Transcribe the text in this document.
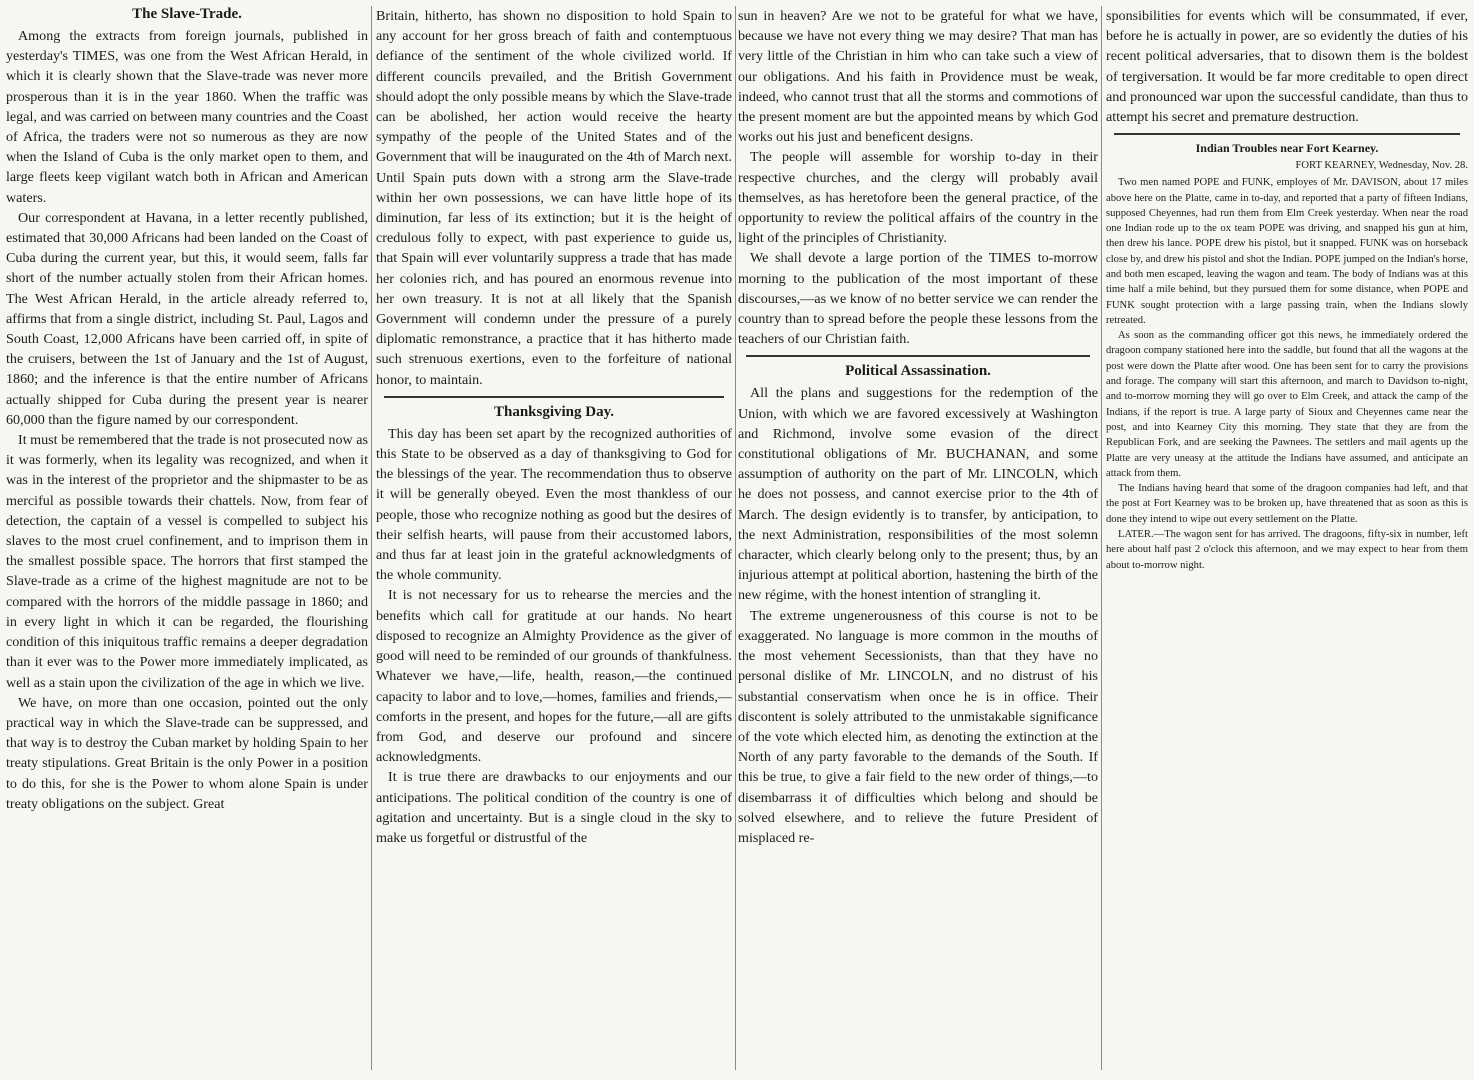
The Slave-Trade.

Among the extracts from foreign journals, published in yesterday's TIMES, was one from the West African Herald, in which it is clearly shown that the Slave-trade was never more prosperous than it is in the year 1860. When the traffic was legal, and was carried on between many countries and the Coast of Africa, the traders were not so numerous as they are now when the Island of Cuba is the only market open to them, and large fleets keep vigilant watch both in African and American waters.

Our correspondent at Havana, in a letter recently published, estimated that 30,000 Africans had been landed on the Coast of Cuba during the current year, but this, it would seem, falls far short of the number actually stolen from their African homes. The West African Herald, in the article already referred to, affirms that from a single district, including St. Paul, Lagos and South Coast, 12,000 Africans have been carried off, in spite of the cruisers, between the 1st of January and the 1st of August, 1860; and the inference is that the entire number of Africans actually shipped for Cuba during the present year is nearer 60,000 than the figure named by our correspondent.

It must be remembered that the trade is not prosecuted now as it was formerly, when its legality was recognized, and when it was in the interest of the proprietor and the shipmaster to be as merciful as possible towards their chattels. Now, from fear of detection, the captain of a vessel is compelled to subject his slaves to the most cruel confinement, and to imprison them in the smallest possible space. The horrors that first stamped the Slave-trade as a crime of the highest magnitude are not to be compared with the horrors of the middle passage in 1860; and in every light in which it can be regarded, the flourishing condition of this iniquitous traffic remains a deeper degradation than it ever was to the Power more immediately implicated, as well as a stain upon the civilization of the age in which we live.

We have, on more than one occasion, pointed out the only practical way in which the Slave-trade can be suppressed, and that way is to destroy the Cuban market by holding Spain to her treaty stipulations. Great Britain is the only Power in a position to do this, for she is the Power to whom alone Spain is under treaty obligations on the subject. Great

Britain, hitherto, has shown no disposition to hold Spain to any account for her gross breach of faith and contemptuous defiance of the sentiment of the whole civilized world. If different councils prevailed, and the British Government should adopt the only possible means by which the Slave-trade can be abolished, her action would receive the hearty sympathy of the people of the United States and of the Government that will be inaugurated on the 4th of March next. Until Spain puts down with a strong arm the Slave-trade within her own possessions, we can have little hope of its diminution, far less of its extinction; but it is the height of credulous folly to expect, with past experience to guide us, that Spain will ever voluntarily suppress a trade that has made her colonies rich, and has poured an enormous revenue into her own treasury. It is not at all likely that the Spanish Government will condemn under the pressure of a purely diplomatic remonstrance, a practice that it has hitherto made such strenuous exertions, even to the forfeiture of national honor, to maintain.

Thanksgiving Day.

This day has been set apart by the recognized authorities of this State to be observed as a day of thanksgiving to God for the blessings of the year. The recommendation thus to observe it will be generally obeyed. Even the most thankless of our people, those who recognize nothing as good but the desires of their selfish hearts, will pause from their accustomed labors, and thus far at least join in the grateful acknowledgments of the whole community.

It is not necessary for us to rehearse the mercies and the benefits which call for gratitude at our hands. No heart disposed to recognize an Almighty Providence as the giver of good will need to be reminded of our grounds of thankfulness. Whatever we have,—life, health, reason,—the continued capacity to labor and to love,—homes, families and friends,—comforts in the present, and hopes for the future,—all are gifts from God, and deserve our profound and sincere acknowledgments.

It is true there are drawbacks to our enjoyments and our anticipations. The political condition of the country is one of agitation and uncertainty. But is a single cloud in the sky to make us forgetful or distrustful of the

sun in heaven? Are we not to be grateful for what we have, because we have not every thing we may desire? That man has very little of the Christian in him who can take such a view of our obligations. And his faith in Providence must be weak, indeed, who cannot trust that all the storms and commotions of the present moment are but the appointed means by which God works out his just and beneficent designs.

The people will assemble for worship to-day in their respective churches, and the clergy will probably avail themselves, as has heretofore been the general practice, of the opportunity to review the political affairs of the country in the light of the principles of Christianity.

We shall devote a large portion of the TIMES to-morrow morning to the publication of the most important of these discourses,—as we know of no better service we can render the country than to spread before the people these lessons from the teachers of our Christian faith.

Political Assassination.

All the plans and suggestions for the redemption of the Union, with which we are favored excessively at Washington and Richmond, involve some evasion of the direct constitutional obligations of Mr. BUCHANAN, and some assumption of authority on the part of Mr. LINCOLN, which he does not possess, and cannot exercise prior to the 4th of March. The design evidently is to transfer, by anticipation, to the next Administration, responsibilities of the most solemn character, which clearly belong only to the present; thus, by an injurious attempt at political abortion, hastening the birth of the new régime, with the honest intention of strangling it.

The extreme ungenerousness of this course is not to be exaggerated. No language is more common in the mouths of the most vehement Secessionists, than that they have no personal dislike of Mr. LINCOLN, and no distrust of his substantial conservatism when once he is in office. Their discontent is solely attributed to the unmistakable significance of the vote which elected him, as denoting the extinction at the North of any party favorable to the demands of the South. If this be true, to give a fair field to the new order of things,—to disembarrass it of difficulties which belong and should be solved elsewhere, and to relieve the future President of misplaced re-

sponsibilities for events which will be consummated, if ever, before he is actually in power, are so evidently the duties of his recent political adversaries, that to disown them is the boldest of tergiversation. It would be far more creditable to open direct and pronounced war upon the successful candidate, than thus to attempt his secret and premature destruction.

Indian Troubles near Fort Kearney.
FORT KEARNEY, Wednesday, Nov. 28.

Two men named POPE and FUNK, employes of Mr. DAVISON, about 17 miles above here on the Platte, came in to-day, and reported that a party of fifteen Indians, supposed Cheyennes, had run them from Elm Creek yesterday. When near the road one Indian rode up to the ox team POPE was driving, and snapped his gun at him, then drew his lance. POPE drew his pistol, but it snapped. FUNK was on horseback close by, and drew his pistol and shot the Indian. POPE jumped on the Indian's horse, and both men escaped, leaving the wagon and team. The body of Indians was at this time half a mile behind, but they pursued them for some distance, when POPE and FUNK sought protection with a large passing train, when the Indians slowly retreated.

As soon as the commanding officer got this news, he immediately ordered the dragoon company stationed here into the saddle, but found that all the wagons at the post were down the Platte after wood. One has been sent for to carry the provisions and forage. The company will start this afternoon, and march to Davidson to-night, and to-morrow morning they will go over to Elm Creek, and attack the camp of the Indians, if the report is true. A large party of Sioux and Cheyennes came near the post, and into Kearney City this morning. They state that they are from the Republican Fork, and are seeking the Pawnees. The settlers and mail agents up the Platte are very uneasy at the attitude the Indians have assumed, and anticipate an attack from them.

The Indians having heard that some of the dragoon companies had left, and that the post at Fort Kearney was to be broken up, have threatened that as soon as this is done they intend to wipe out every settlement on the Platte.

LATER.—The wagon sent for has arrived. The dragoons, fifty-six in number, left here about half past 2 o'clock this afternoon, and we may expect to hear from them about to-morrow night.
